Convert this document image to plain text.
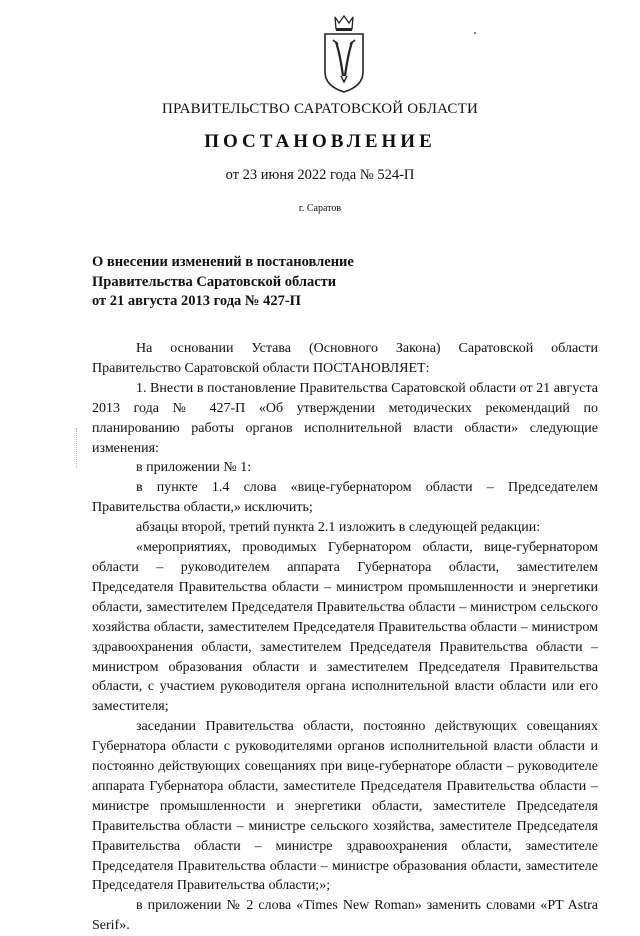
ПРАВИТЕЛЬСТВО САРАТОВСКОЙ ОБЛАСТИ
ПОСТАНОВЛЕНИЕ
от 23 июня 2022 года № 524-П
г. Саратов
О внесении изменений в постановление
Правительства Саратовской области
от 21 августа 2013 года № 427-П

На основании Устава (Основного Закона) Саратовской области Правительство Саратовской области ПОСТАНОВЛЯЕТ:

1. Внести в постановление Правительства Саратовской области от 21 августа 2013 года № 427-П «Об утверждении методических рекомендаций по планированию работы органов исполнительной власти области» следующие изменения:

в приложении № 1:

в пункте 1.4 слова «вице-губернатором области – Председателем Правительства области,» исключить;

абзацы второй, третий пункта 2.1 изложить в следующей редакции:

«мероприятиях, проводимых Губернатором области, вице-губернатором области – руководителем аппарата Губернатора области, заместителем Председателя Правительства области – министром промышленности и энергетики области, заместителем Председателя Правительства области – министром сельского хозяйства области, заместителем Председателя Правительства области – министром здравоохранения области, заместителем Председателя Правительства области – министром образования области и заместителем Председателя Правительства области, с участием руководителя органа исполнительной власти области или его заместителя;

заседании Правительства области, постоянно действующих совещаниях Губернатора области с руководителями органов исполнительной власти области и постоянно действующих совещаниях при вице-губернаторе области – руководителе аппарата Губернатора области, заместителе Председателя Правительства области – министре промышленности и энергетики области, заместителе Председателя Правительства области – министре сельского хозяйства, заместителе Председателя Правительства области – министре здравоохранения области, заместителе Председателя Правительства области – министре образования области, заместителе Председателя Правительства области;»;

в приложении № 2 слова «Times New Roman» заменить словами «PT Astra Serif».
